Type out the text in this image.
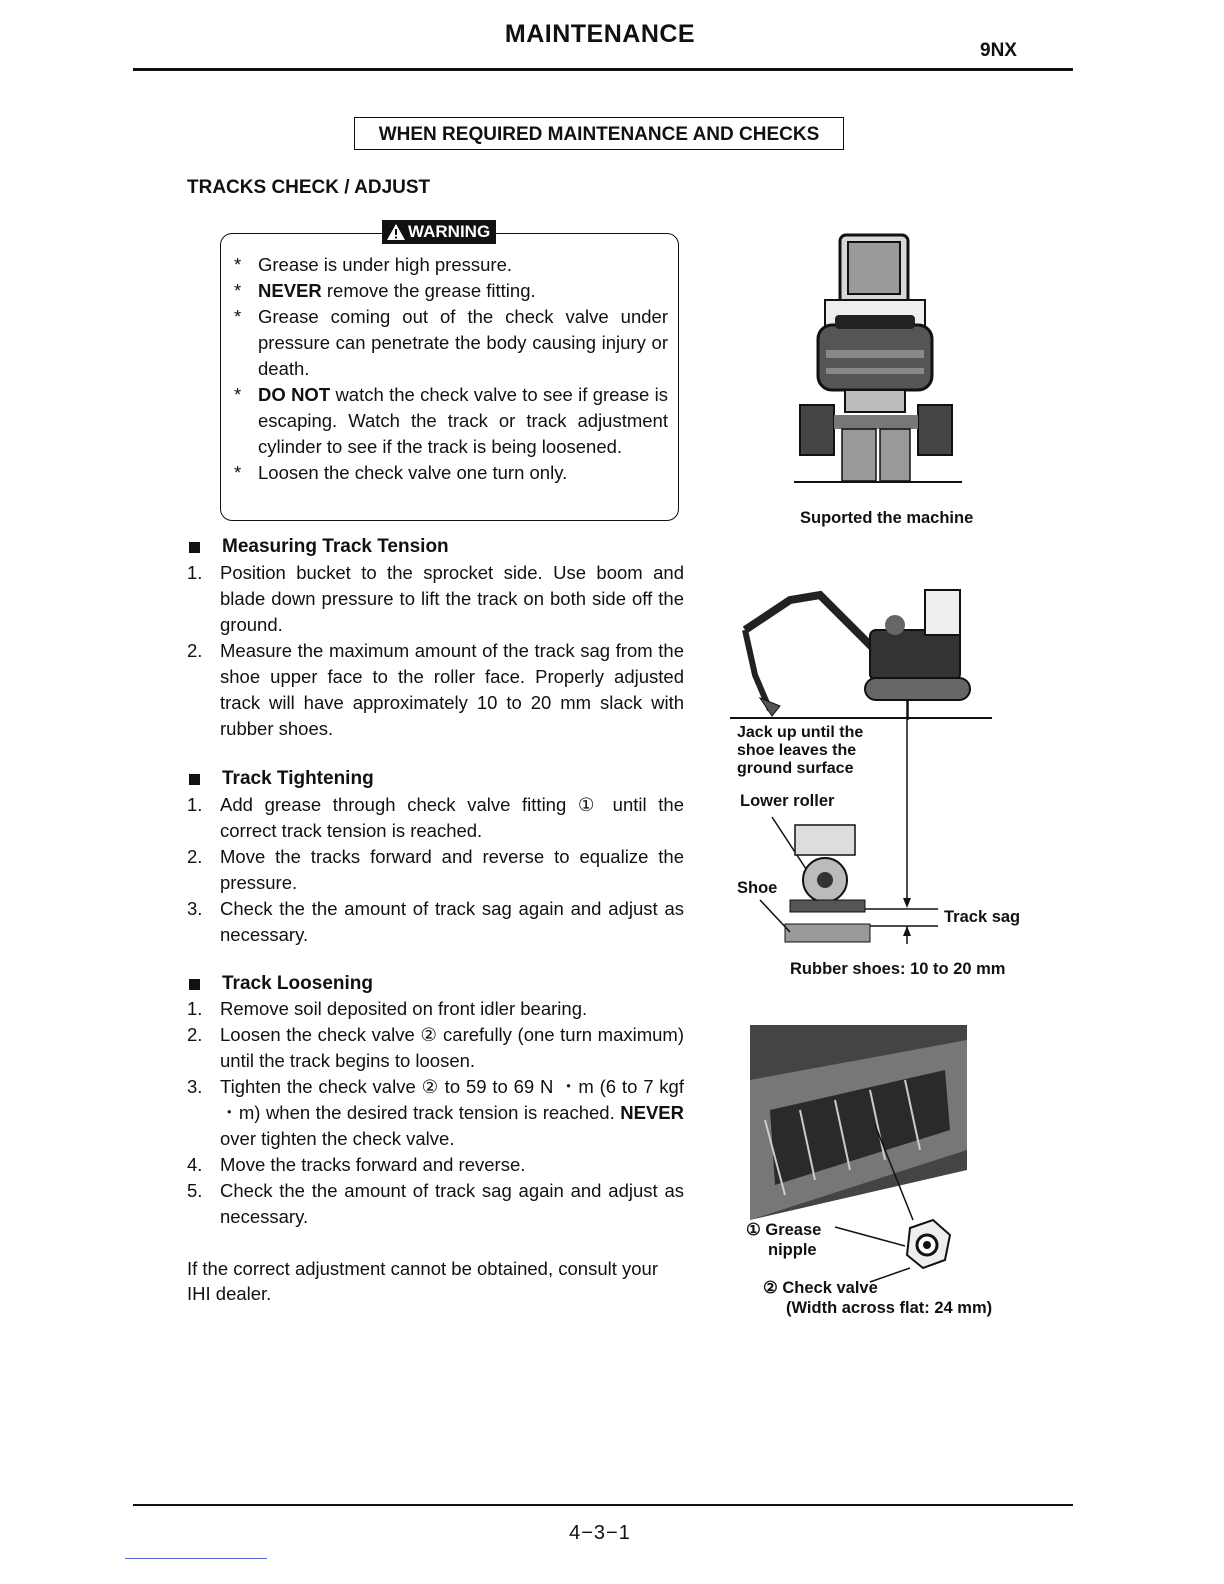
MAINTENANCE
9NX
WHEN REQUIRED MAINTENANCE AND CHECKS
TRACKS CHECK / ADJUST
WARNING
* Grease is under high pressure.
* NEVER remove the grease fitting.
* Grease coming out of the check valve under pressure can penetrate the body causing injury or death.
* DO NOT watch the check valve to see if grease is escaping. Watch the track or track adjustment cylinder to see if the track is being loosened.
* Loosen the check valve one turn only.
Measuring Track Tension
1. Position bucket to the sprocket side. Use boom and blade down pressure to lift the track on both side off the ground.
2. Measure the maximum amount of the track sag from the shoe upper face to the roller face. Properly adjusted track will have approximately 10 to 20 mm slack with rubber shoes.
Track Tightening
1. Add grease through check valve fitting ① until the correct track tension is reached.
2. Move the tracks forward and reverse to equalize the pressure.
3. Check the the amount of track sag again and adjust as necessary.
Track Loosening
1. Remove soil deposited on front idler bearing.
2. Loosen the check valve ② carefully (one turn maximum) until the track begins to loosen.
3. Tighten the check valve ② to 59 to 69 N ・m (6 to 7 kgf ・m) when the desired track tension is reached. NEVER over tighten the check valve.
4. Move the tracks forward and reverse.
5. Check the the amount of track sag again and adjust as necessary.
If the correct adjustment cannot be obtained, consult your IHI dealer.
Suported the machine
Jack up until the
shoe leaves the
ground surface
Lower roller
Shoe
Track sag
Rubber shoes: 10 to 20 mm
① Grease
nipple
② Check valve
(Width across flat: 24 mm)
4−3−1
